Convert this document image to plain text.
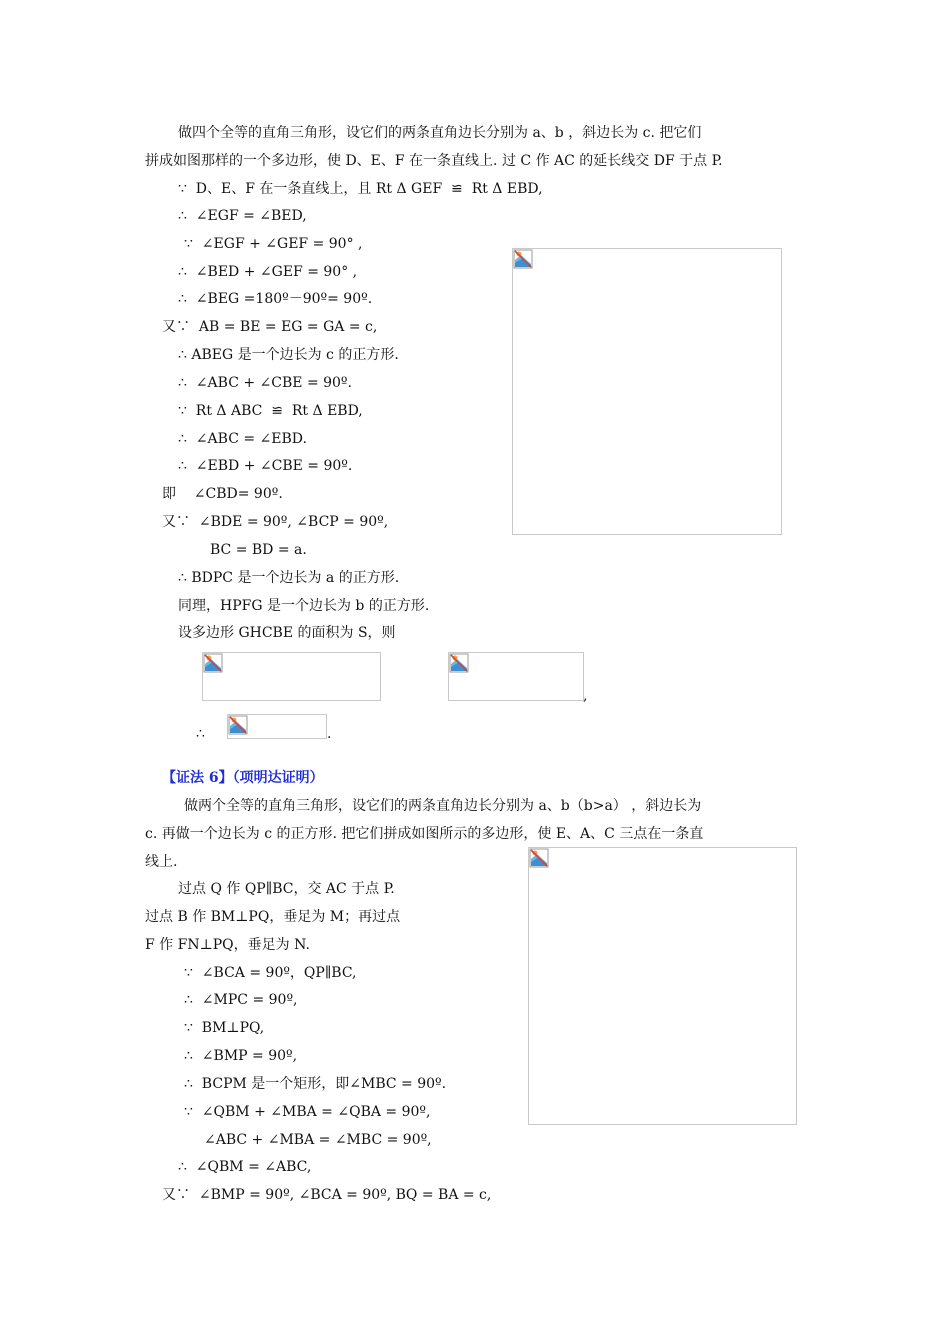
做四个全等的直角三角形，设它们的两条直角边长分别为 a、b ，斜边长为 c. 把它们
拼成如图那样的一个多边形，使 D、E、F 在一条直线上. 过 C 作 AC 的延长线交 DF 于点 P.
∵  D、E、F 在一条直线上，且 Rt Δ GEF  ≌  Rt Δ EBD,
∴  ∠EGF = ∠BED,
∵  ∠EGF + ∠GEF = 90° ,
∴  ∠BED + ∠GEF = 90° ,
∴  ∠BEG =180º－90º= 90º.
又∵  AB = BE = EG = GA = c,
∴ ABEG 是一个边长为 c 的正方形.
∴  ∠ABC + ∠CBE = 90º.
∵  Rt Δ ABC  ≌  Rt Δ EBD,
∴  ∠ABC = ∠EBD.
∴  ∠EBD + ∠CBE = 90º.
即    ∠CBD= 90º.
又∵  ∠BDE = 90º, ∠BCP = 90º,
BC = BD = a.
∴ BDPC 是一个边长为 a 的正方形.
同理，HPFG 是一个边长为 b 的正方形.
设多边形 GHCBE 的面积为 S，则
,
∴	.
【证法 6】（项明达证明）
做两个全等的直角三角形，设它们的两条直角边长分别为 a、b（b>a） ，斜边长为
c. 再做一个边长为 c 的正方形. 把它们拼成如图所示的多边形，使 E、A、C 三点在一条直
线上.
过点 Q 作 QP∥BC，交 AC 于点 P.
过点 B 作 BM⊥PQ，垂足为 M；再过点
F 作 FN⊥PQ，垂足为 N.
∵  ∠BCA = 90º，QP∥BC,
∴  ∠MPC = 90º,
∵  BM⊥PQ,
∴  ∠BMP = 90º,
∴  BCPM 是一个矩形，即∠MBC = 90º.
∵  ∠QBM + ∠MBA = ∠QBA = 90º,
∠ABC + ∠MBA = ∠MBC = 90º,
∴  ∠QBM = ∠ABC,
又∵  ∠BMP = 90º, ∠BCA = 90º, BQ = BA = c,
